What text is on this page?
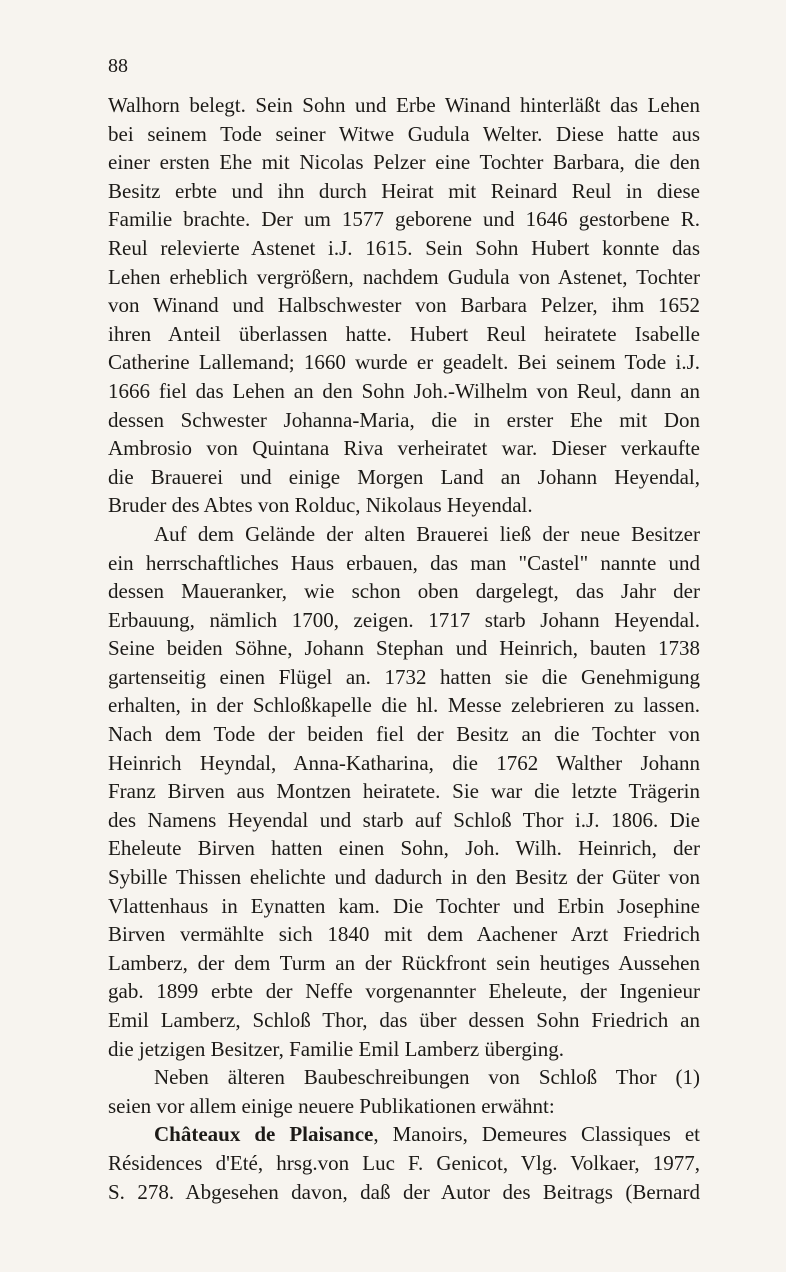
88
Walhorn belegt. Sein Sohn und Erbe Winand hinterläßt das Lehen
bei seinem Tode seiner Witwe Gudula Welter. Diese hatte aus
einer ersten Ehe mit Nicolas Pelzer eine Tochter Barbara, die den
Besitz erbte und ihn durch Heirat mit Reinard Reul in diese
Familie brachte. Der um 1577 geborene und 1646 gestorbene R.
Reul relevierte Astenet i.J. 1615. Sein Sohn Hubert konnte das
Lehen erheblich vergrößern, nachdem Gudula von Astenet, Tochter
von Winand und Halbschwester von Barbara Pelzer, ihm 1652
ihren Anteil überlassen hatte. Hubert Reul heiratete Isabelle
Catherine Lallemand; 1660 wurde er geadelt. Bei seinem Tode i.J.
1666 fiel das Lehen an den Sohn Joh.-Wilhelm von Reul, dann an
dessen Schwester Johanna-Maria, die in erster Ehe mit Don
Ambrosio von Quintana Riva verheiratet war. Dieser verkaufte
die Brauerei und einige Morgen Land an Johann Heyendal,
Bruder des Abtes von Rolduc, Nikolaus Heyendal.
Auf dem Gelände der alten Brauerei ließ der neue Besitzer
ein herrschaftliches Haus erbauen, das man "Castel" nannte und
dessen Maueranker, wie schon oben dargelegt, das Jahr der
Erbauung, nämlich 1700, zeigen. 1717 starb Johann Heyendal.
Seine beiden Söhne, Johann Stephan und Heinrich, bauten 1738
gartenseitig einen Flügel an. 1732 hatten sie die Genehmigung
erhalten, in der Schloßkapelle die hl. Messe zelebrieren zu lassen.
Nach dem Tode der beiden fiel der Besitz an die Tochter von
Heinrich Heyndal, Anna-Katharina, die 1762 Walther Johann
Franz Birven aus Montzen heiratete. Sie war die letzte Trägerin
des Namens Heyendal und starb auf Schloß Thor i.J. 1806. Die
Eheleute Birven hatten einen Sohn, Joh. Wilh. Heinrich, der
Sybille Thissen ehelichte und dadurch in den Besitz der Güter von
Vlattenhaus in Eynatten kam. Die Tochter und Erbin Josephine
Birven vermählte sich 1840 mit dem Aachener Arzt Friedrich
Lamberz, der dem Turm an der Rückfront sein heutiges Aussehen
gab. 1899 erbte der Neffe vorgenannter Eheleute, der Ingenieur
Emil Lamberz, Schloß Thor, das über dessen Sohn Friedrich an
die jetzigen Besitzer, Familie Emil Lamberz überging.
Neben älteren Baubeschreibungen von Schloß Thor (1)
seien vor allem einige neuere Publikationen erwähnt:
Châteaux de Plaisance, Manoirs, Demeures Classiques et
Résidences d'Eté, hrsg.von Luc F. Genicot, Vlg. Volkaer, 1977,
S. 278. Abgesehen davon, daß der Autor des Beitrags (Bernard
